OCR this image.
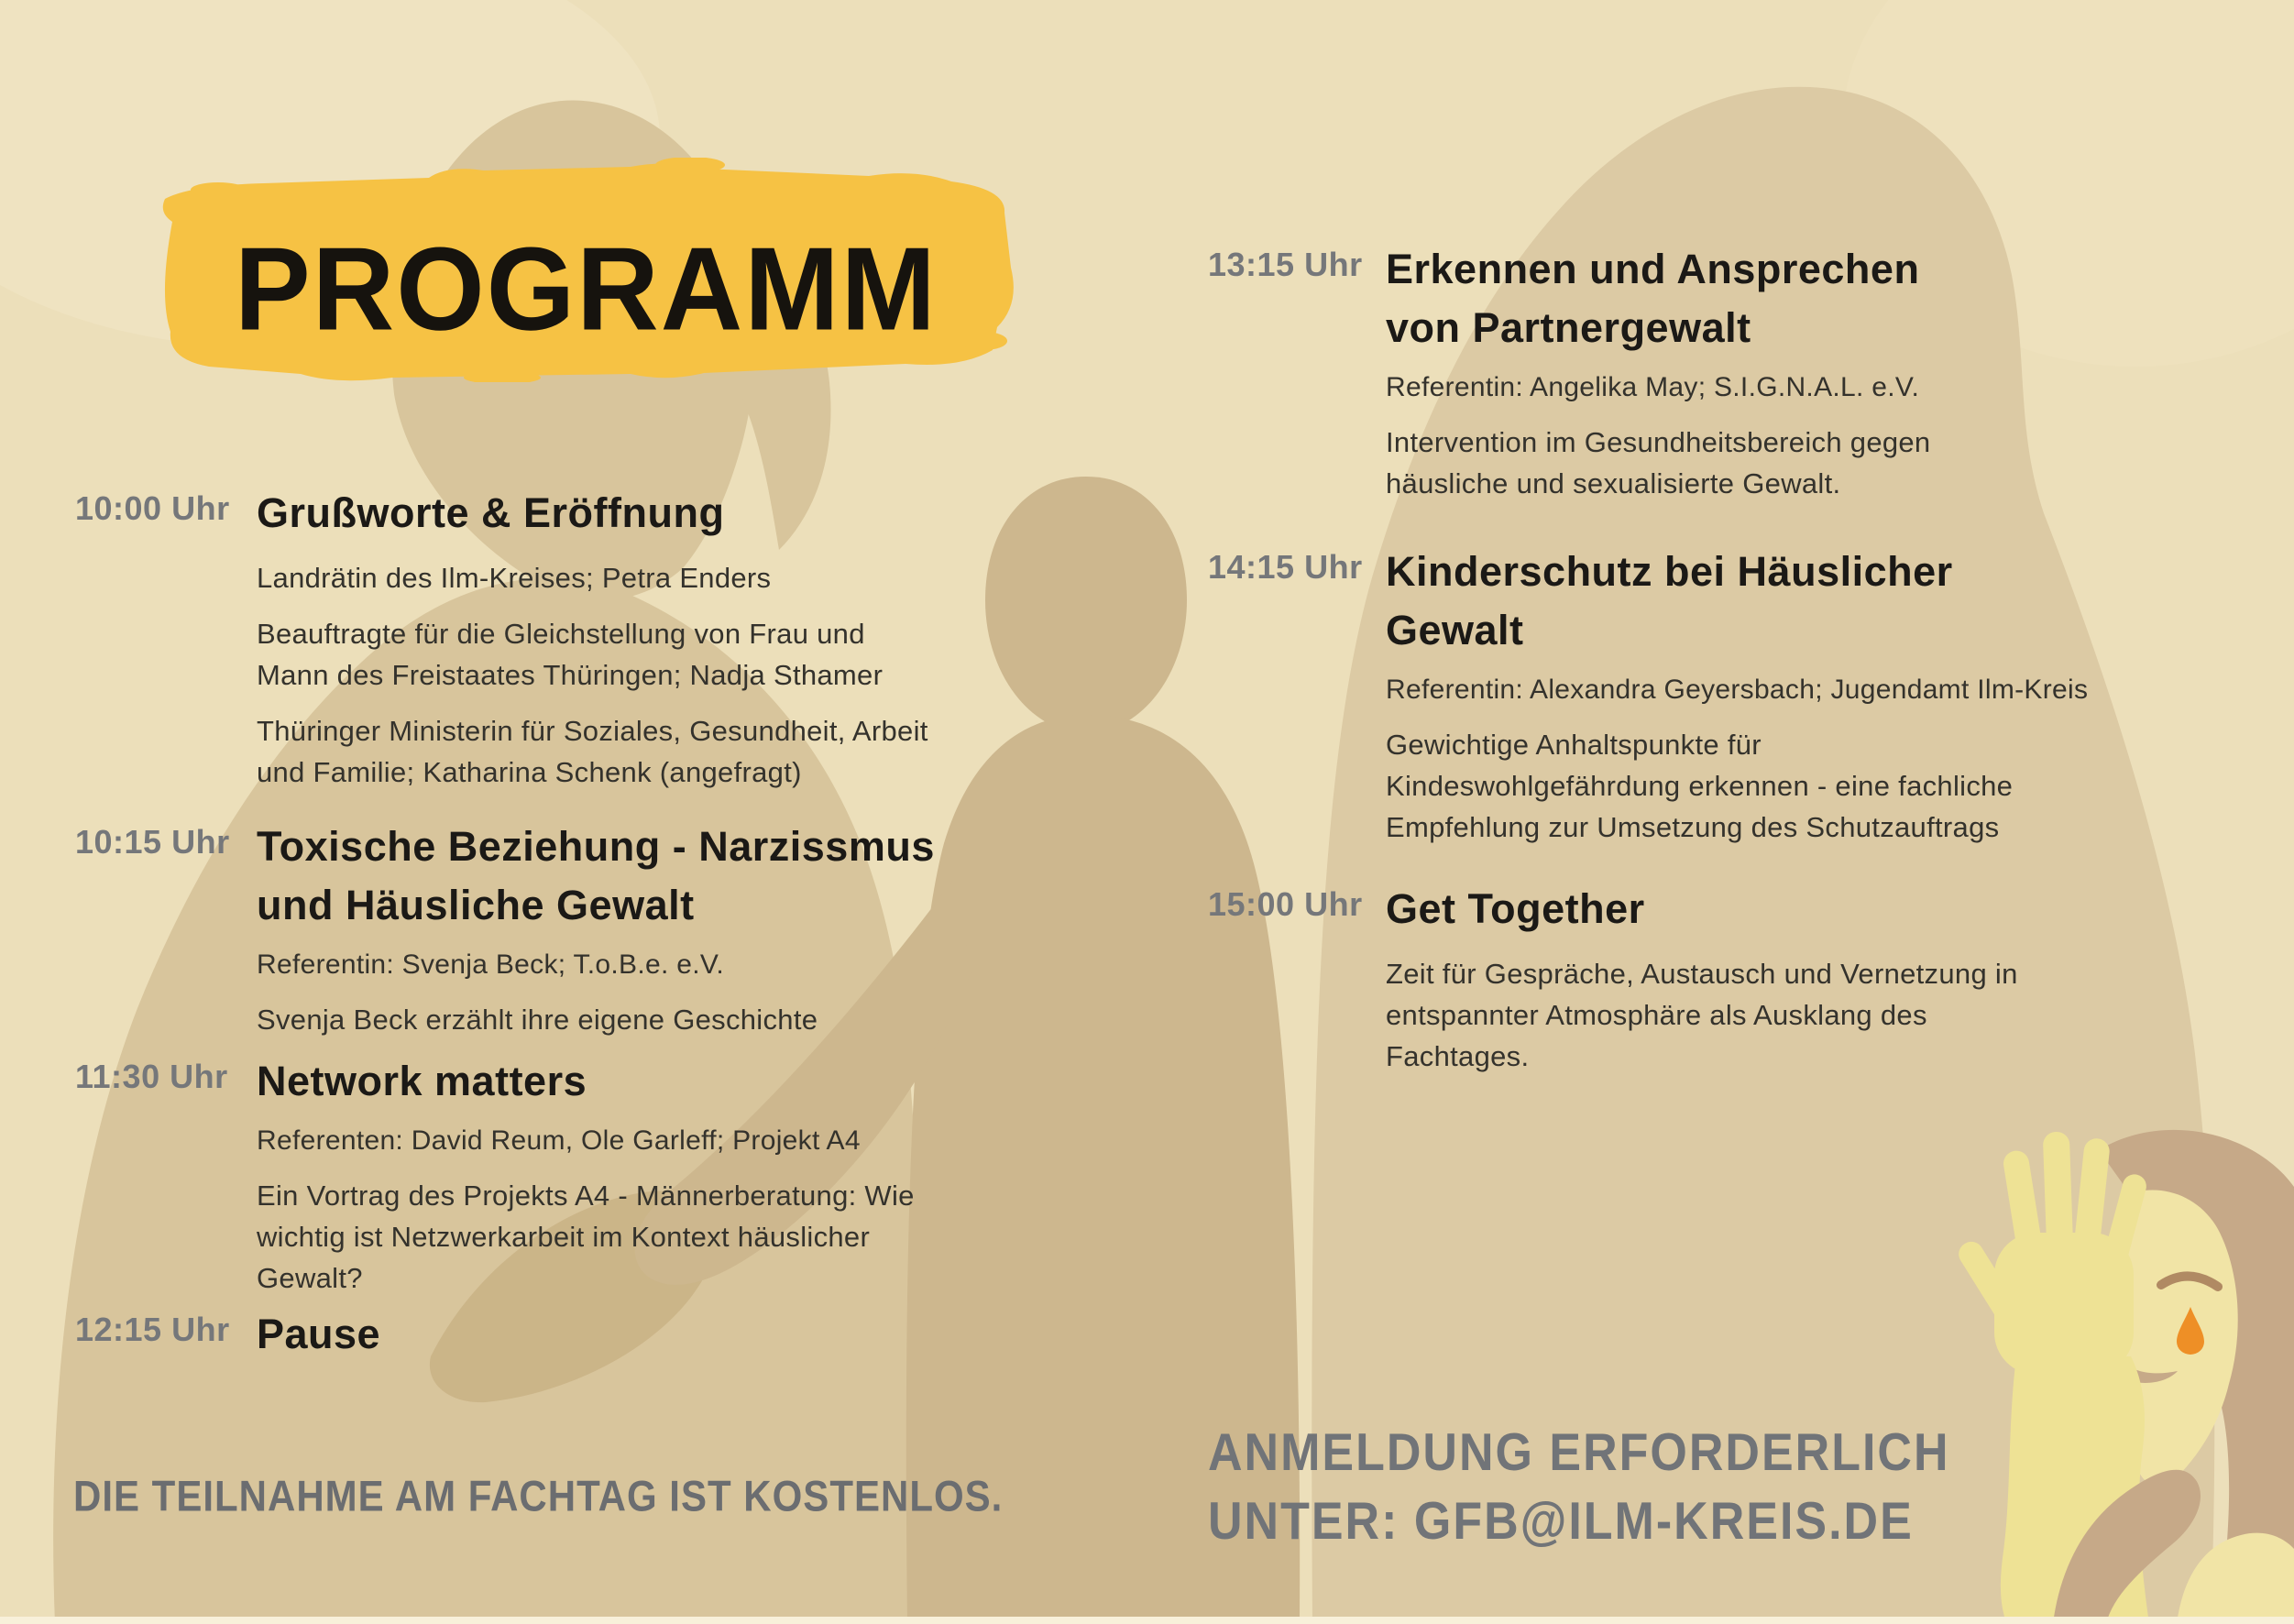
PROGRAMM
10:00 Uhr Grußworte & Eröffnung
Landrätin des Ilm-Kreises; Petra Enders
Beauftragte für die Gleichstellung von Frau und
Mann des Freistaates Thüringen; Nadja Sthamer
Thüringer Ministerin für Soziales, Gesundheit, Arbeit
und Familie; Katharina Schenk (angefragt)
10:15 Uhr Toxische Beziehung - Narzissmus
und Häusliche Gewalt
Referentin: Svenja Beck; T.o.B.e. e.V.
Svenja Beck erzählt ihre eigene Geschichte
11:30 Uhr Network matters
Referenten: David Reum, Ole Garleff; Projekt A4
Ein Vortrag des Projekts A4 - Männerberatung: Wie
wichtig ist Netzwerkarbeit im Kontext häuslicher
Gewalt?
12:15 Uhr Pause
13:15 Uhr Erkennen und Ansprechen
von Partnergewalt
Referentin: Angelika May; S.I.G.N.A.L. e.V.
Intervention im Gesundheitsbereich gegen
häusliche und sexualisierte Gewalt.
14:15 Uhr Kinderschutz bei Häuslicher
Gewalt
Referentin: Alexandra Geyersbach; Jugendamt Ilm-Kreis
Gewichtige Anhaltspunkte für
Kindeswohlgefährdung erkennen - eine fachliche
Empfehlung zur Umsetzung des Schutzauftrags
15:00 Uhr Get Together
Zeit für Gespräche, Austausch und Vernetzung in
entspannter Atmosphäre als Ausklang des
Fachtages.
DIE TEILNAHME AM FACHTAG IST KOSTENLOS.
ANMELDUNG ERFORDERLICH
UNTER: GFB@ILM-KREIS.DE
